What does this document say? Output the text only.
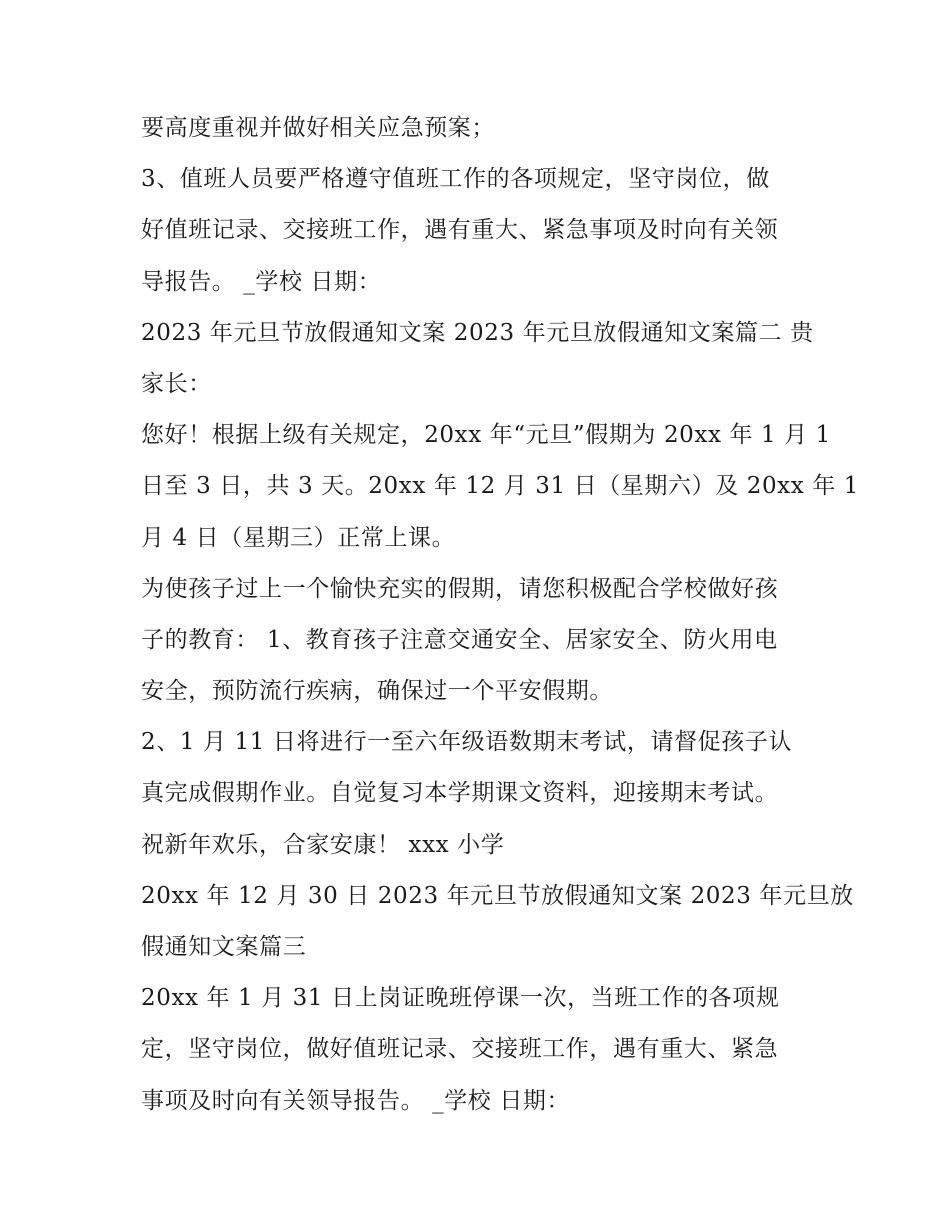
要高度重视并做好相关应急预案；
3、值班人员要严格遵守值班工作的各项规定，坚守岗位，做
好值班记录、交接班工作，遇有重大、紧急事项及时向有关领
导报告。 _学校 日期：
2023 年元旦节放假通知文案 2023 年元旦放假通知文案篇二 贵
家长：
您好！根据上级有关规定，20xx 年“元旦”假期为 20xx 年 1 月 1
日至 3 日，共 3 天。20xx 年 12 月 31 日（星期六）及 20xx 年 1
月 4 日（星期三）正常上课。
为使孩子过上一个愉快充实的假期，请您积极配合学校做好孩
子的教育： 1、教育孩子注意交通安全、居家安全、防火用电
安全，预防流行疾病，确保过一个平安假期。
2、1 月 11 日将进行一至六年级语数期末考试，请督促孩子认
真完成假期作业。自觉复习本学期课文资料，迎接期末考试。
祝新年欢乐，合家安康！ xxx 小学
20xx 年 12 月 30 日 2023 年元旦节放假通知文案 2023 年元旦放
假通知文案篇三
20xx 年 1 月 31 日上岗证晚班停课一次，当班工作的各项规
定，坚守岗位，做好值班记录、交接班工作，遇有重大、紧急
事项及时向有关领导报告。 _学校 日期：
